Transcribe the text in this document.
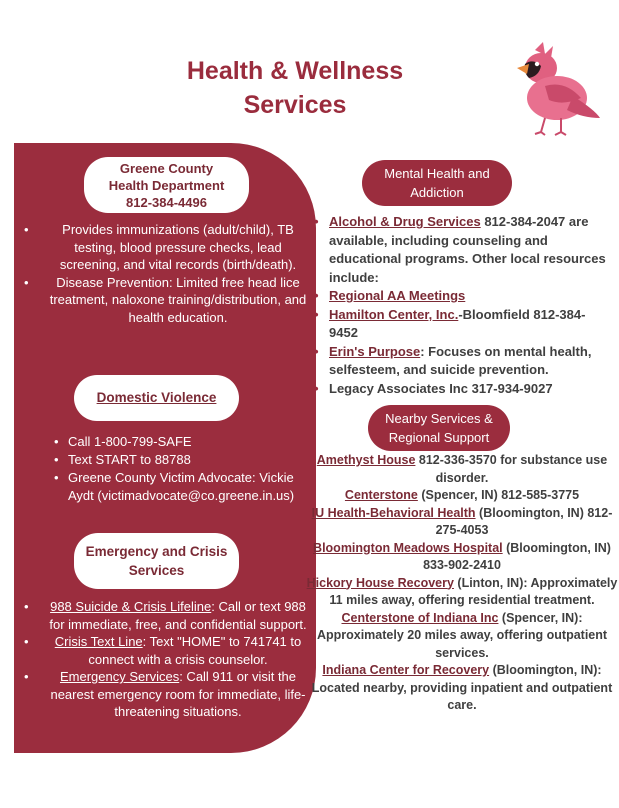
Health & Wellness
Services
Greene County
Health Department
812-384-4496
•	Provides immunizations (adult/child), TB testing, blood pressure checks, lead screening, and vital records (birth/death).
• Disease Prevention: Limited free head lice treatment, naloxone training/distribution, and health education.
Domestic Violence
• Call 1-800-799-SAFE
• Text START to 88788
• Greene County Victim Advocate: Vickie Aydt (victimadvocate@co.greene.in.us)
Emergency and Crisis
Services
• 988 Suicide & Crisis Lifeline: Call or text 988 for immediate, free, and confidential support.
• Crisis Text Line: Text "HOME" to 741741 to connect with a crisis counselor.
• Emergency Services: Call 911 or visit the nearest emergency room for immediate, life-threatening situations.
Mental Health and
Addiction
• Alcohol & Drug Services 812-384-2047 are available, including counseling and educational programs. Other local resources include:
• Regional AA Meetings
• Hamilton Center, Inc.-Bloomfield 812-384-9452
• Erin's Purpose: Focuses on mental health, selfesteem, and suicide prevention.
• Legacy Associates Inc 317-934-9027
Nearby Services &
Regional Support
Amethyst House 812-336-3570 for substance use disorder.
Centerstone (Spencer, IN) 812-585-3775
IU Health-Behavioral Health (Bloomington, IN) 812-275-4053
Bloomington Meadows Hospital (Bloomington, IN) 833-902-2410
Hickory House Recovery (Linton, IN): Approximately 11 miles away, offering residential treatment.
Centerstone of Indiana Inc (Spencer, IN): Approximately 20 miles away, offering outpatient services.
Indiana Center for Recovery (Bloomington, IN): Located nearby, providing inpatient and outpatient care.
